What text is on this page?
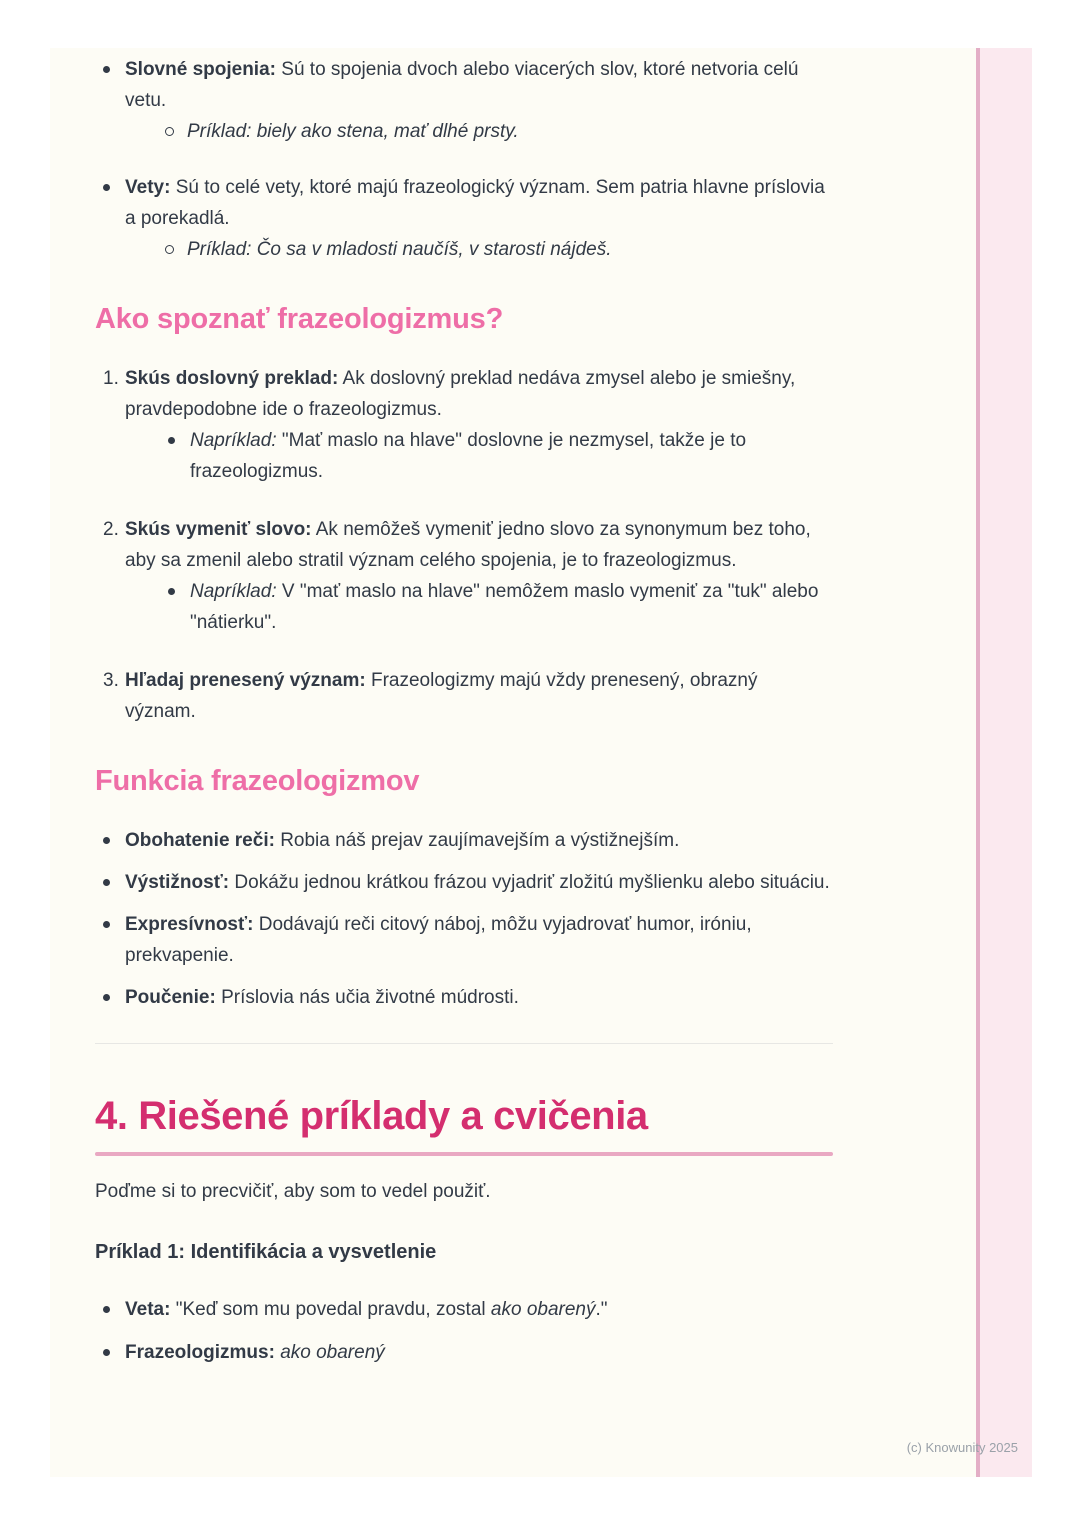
Slovné spojenia: Sú to spojenia dvoch alebo viacerých slov, ktoré netvoria celú vetu.
Príklad: biely ako stena, mať dlhé prsty.
Vety: Sú to celé vety, ktoré majú frazeologický význam. Sem patria hlavne príslovia a porekadlá.
Príklad: Čo sa v mladosti naučíš, v starosti nájdeš.
Ako spoznať frazeologizmus?
1. Skús doslovný preklad: Ak doslovný preklad nedáva zmysel alebo je smiešny, pravdepodobne ide o frazeologizmus.
Napríklad: "Mať maslo na hlave" doslovne je nezmysel, takže je to frazeologizmus.
2. Skús vymeniť slovo: Ak nemôžeš vymeniť jedno slovo za synonymum bez toho, aby sa zmenil alebo stratil význam celého spojenia, je to frazeologizmus.
Napríklad: V "mať maslo na hlave" nemôžem maslo vymeniť za "tuk" alebo "nátierku".
3. Hľadaj prenesený význam: Frazeologizmy majú vždy prenesený, obrazný význam.
Funkcia frazeologizmov
Obohatenie reči: Robia náš prejav zaujímavejším a výstižnejším.
Výstižnosť: Dokážu jednou krátkou frázou vyjadriť zložitú myšlienku alebo situáciu.
Expresívnosť: Dodávajú reči citový náboj, môžu vyjadrovať humor, iróniu, prekvapenie.
Poučenie: Príslovia nás učia životné múdrosti.
4. Riešené príklady a cvičenia

Poďme si to precvičiť, aby som to vedel použiť.

Príklad 1: Identifikácia a vysvetlenie

Veta: "Keď som mu povedal pravdu, zostal ako obarený."
Frazeologizmus: ako obarený
(c) Knowunity 2025
